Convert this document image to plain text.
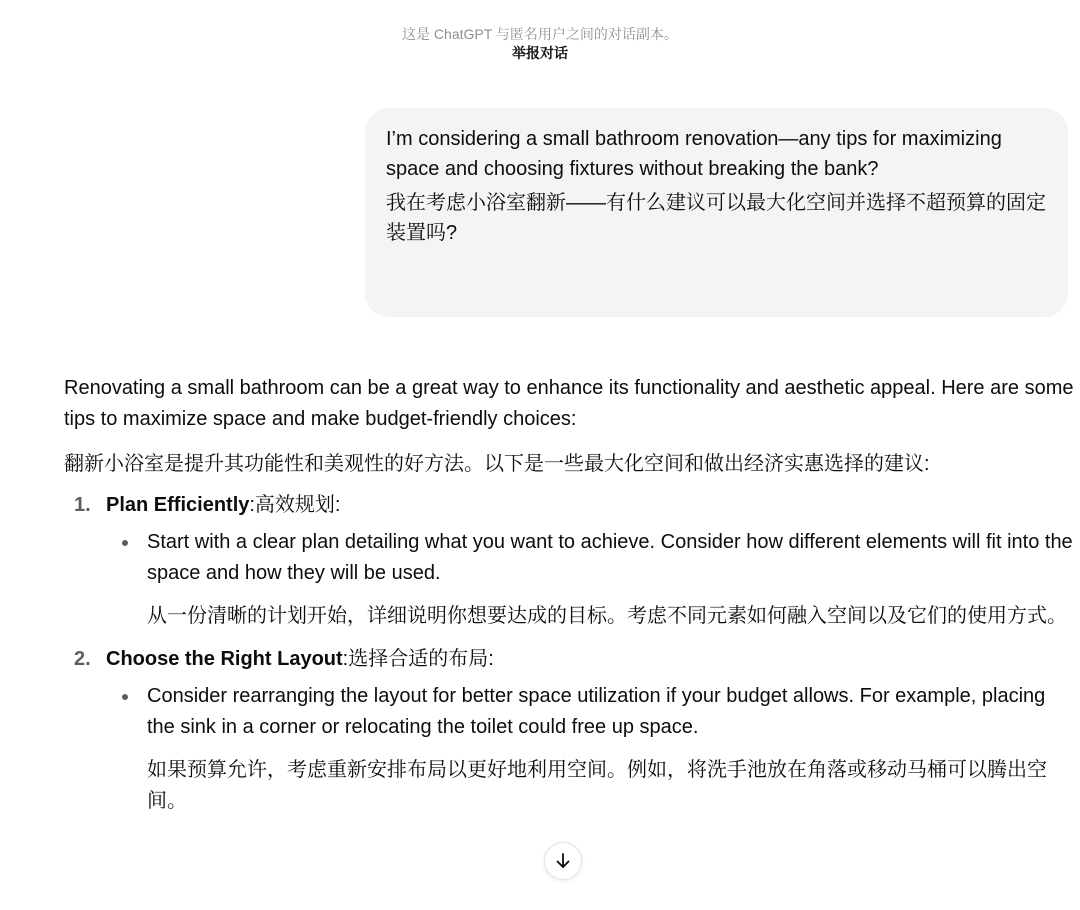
这是 ChatGPT 与匿名用户之间的对话副本。
举报对话

I’m considering a small bathroom renovation—any tips for maximizing space and choosing fixtures without breaking the bank?

我在考虑小浴室翻新——有什么建议可以最大化空间并选择不超预算的固定装置吗?

Renovating a small bathroom can be a great way to enhance its functionality and aesthetic appeal. Here are some tips to maximize space and make budget-friendly choices:

翻新小浴室是提升其功能性和美观性的好方法。以下是一些最大化空间和做出经济实惠选择的建议:

1. Plan Efficiently:高效规划:

Start with a clear plan detailing what you want to achieve. Consider how different elements will fit into the space and how they will be used.

从一份清晰的计划开始，详细说明你想要达成的目标。考虑不同元素如何融入空间以及它们的使用方式。

2. Choose the Right Layout:选择合适的布局:

Consider rearranging the layout for better space utilization if your budget allows. For example, placing the sink in a corner or relocating the toilet could free up space.

如果预算允许，考虑重新安排布局以更好地利用空间。例如，将洗手池放在角落或移动马桶可以腾出空间。
